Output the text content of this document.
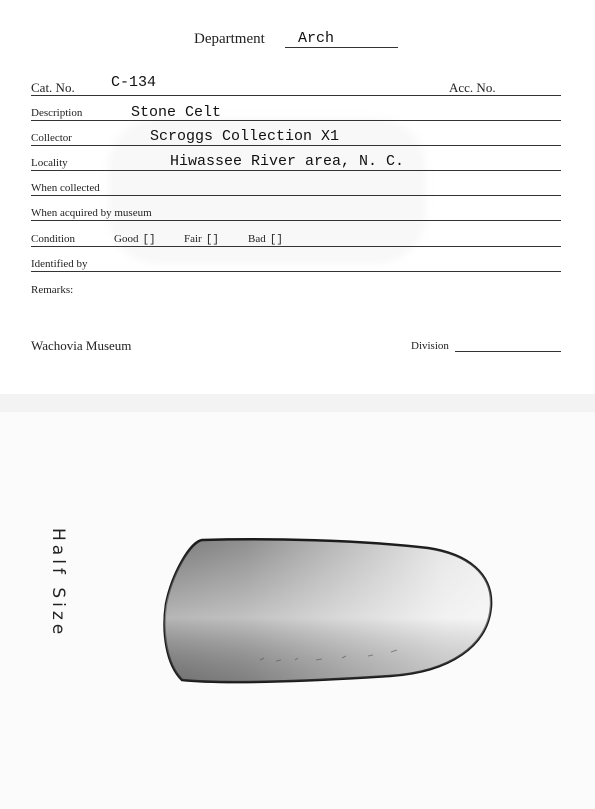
Department Arch
Cat. No. C-134	Acc. No.
Description	Stone Celt
Collector	Scroggs Collection X1
Locality	Hiwassee River area, N. C.
When collected
When acquired by museum
Condition	Good []	Fair []	Bad []
Identified by
Remarks:
Wachovia Museum	Division
Half Size
